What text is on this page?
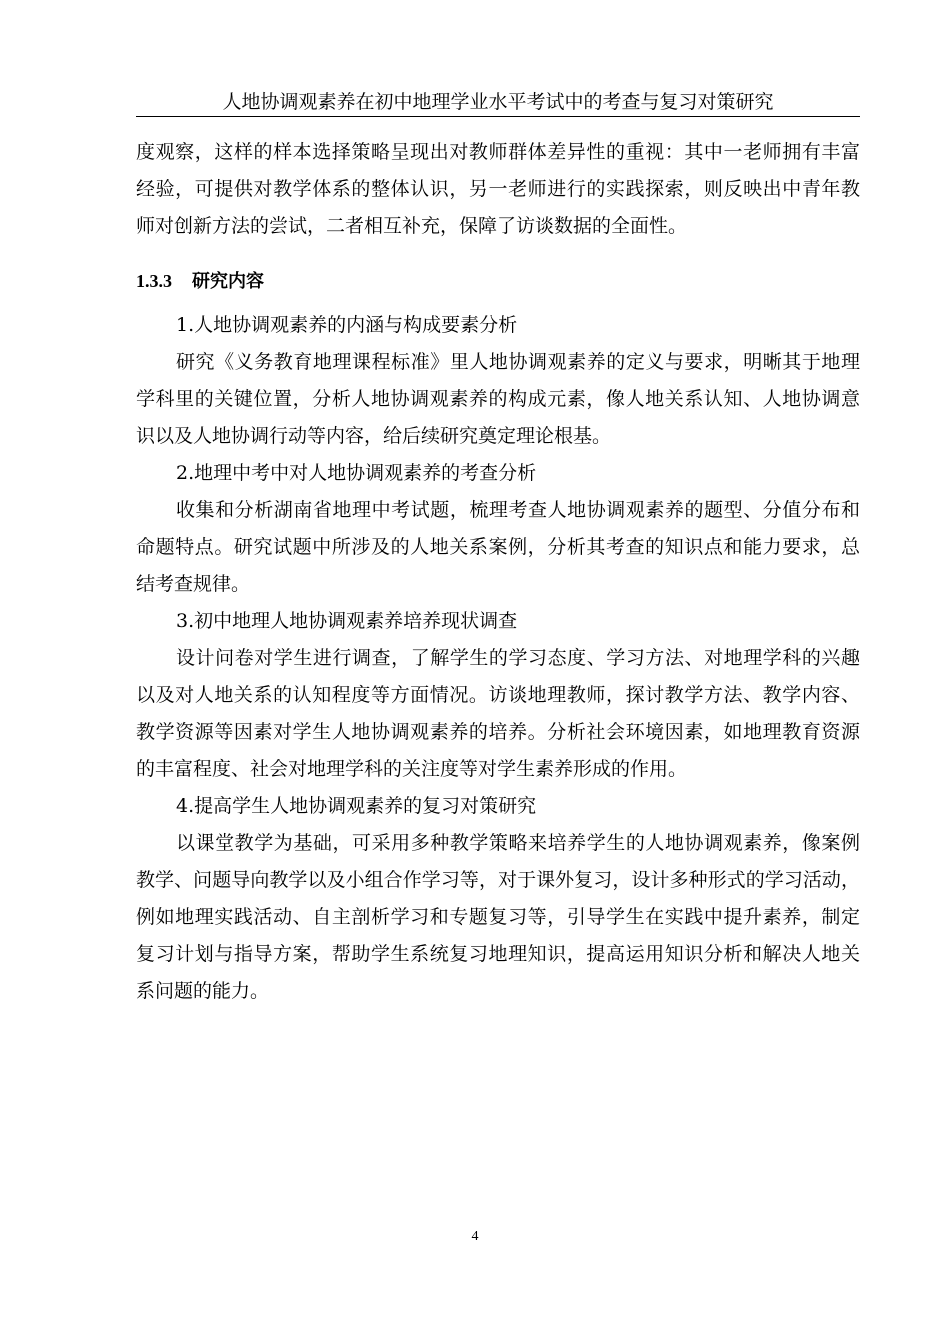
人地协调观素养在初中地理学业水平考试中的考查与复习对策研究
度观察，这样的样本选择策略呈现出对教师群体差异性的重视：其中一老师拥有丰富
经验，可提供对教学体系的整体认识，另一老师进行的实践探索，则反映出中青年教
师对创新方法的尝试，二者相互补充，保障了访谈数据的全面性。
1.3.3 研究内容
1.人地协调观素养的内涵与构成要素分析
研究《义务教育地理课程标准》里人地协调观素养的定义与要求，明晰其于地理
学科里的关键位置，分析人地协调观素养的构成元素，像人地关系认知、人地协调意
识以及人地协调行动等内容，给后续研究奠定理论根基。
2.地理中考中对人地协调观素养的考查分析
收集和分析湖南省地理中考试题，梳理考查人地协调观素养的题型、分值分布和
命题特点。研究试题中所涉及的人地关系案例，分析其考查的知识点和能力要求，总
结考查规律。
3.初中地理人地协调观素养培养现状调查
设计问卷对学生进行调查，了解学生的学习态度、学习方法、对地理学科的兴趣
以及对人地关系的认知程度等方面情况。访谈地理教师，探讨教学方法、教学内容、
教学资源等因素对学生人地协调观素养的培养。分析社会环境因素，如地理教育资源
的丰富程度、社会对地理学科的关注度等对学生素养形成的作用。
4.提高学生人地协调观素养的复习对策研究
以课堂教学为基础，可采用多种教学策略来培养学生的人地协调观素养，像案例
教学、问题导向教学以及小组合作学习等，对于课外复习，设计多种形式的学习活动，
例如地理实践活动、自主剖析学习和专题复习等，引导学生在实践中提升素养，制定
复习计划与指导方案，帮助学生系统复习地理知识，提高运用知识分析和解决人地关
系问题的能力。
4
